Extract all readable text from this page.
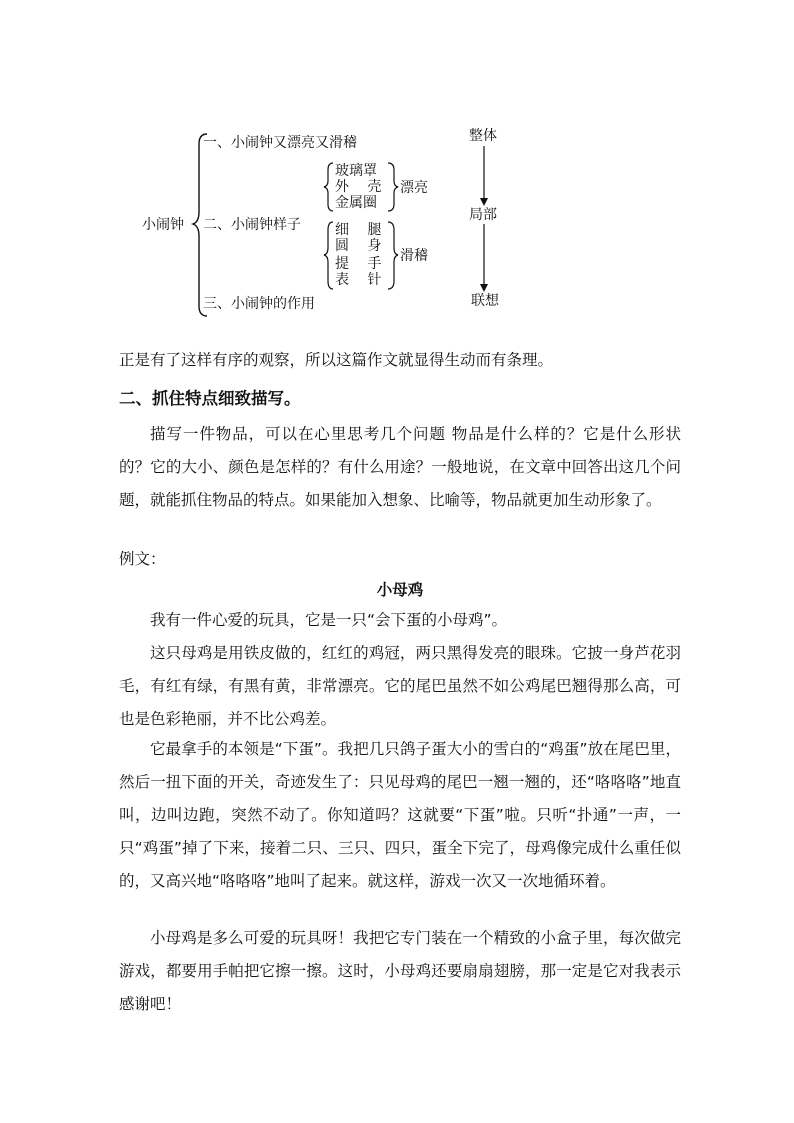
小闹钟
一、小闹钟又漂亮又滑稽
二、小闹钟样子
三、小闹钟的作用
玻璃罩
外　 壳
金属圈
漂亮
细　 腿
圆　 身
提　 手
表　 针
滑稽
整体
局部
联想
正是有了这样有序的观察，所以这篇作文就显得生动而有条理。
二、抓住特点细致描写。
描写一件物品，可以在心里思考几个问题 物品是什么样的？它是什么形状的？它的大小、颜色是怎样的？有什么用途？一般地说，在文章中回答出这几个问题，就能抓住物品的特点。如果能加入想象、比喻等，物品就更加生动形象了。
例文：
小母鸡
我有一件心爱的玩具，它是一只“会下蛋的小母鸡”。
这只母鸡是用铁皮做的，红红的鸡冠，两只黑得发亮的眼珠。它披一身芦花羽毛，有红有绿，有黑有黄，非常漂亮。它的尾巴虽然不如公鸡尾巴翘得那么高，可也是色彩艳丽，并不比公鸡差。
它最拿手的本领是“下蛋”。我把几只鸽子蛋大小的雪白的“鸡蛋”放在尾巴里，然后一扭下面的开关，奇迹发生了：只见母鸡的尾巴一翘一翘的，还“咯咯咯”地直叫，边叫边跑，突然不动了。你知道吗？这就要“下蛋”啦。只听“扑通”一声，一只“鸡蛋”掉了下来，接着二只、三只、四只，蛋全下完了，母鸡像完成什么重任似的，又高兴地“咯咯咯”地叫了起来。就这样，游戏一次又一次地循环着。
小母鸡是多么可爱的玩具呀！我把它专门装在一个精致的小盒子里，每次做完游戏，都要用手帕把它擦一擦。这时，小母鸡还要扇扇翅膀，那一定是它对我表示感谢吧！
